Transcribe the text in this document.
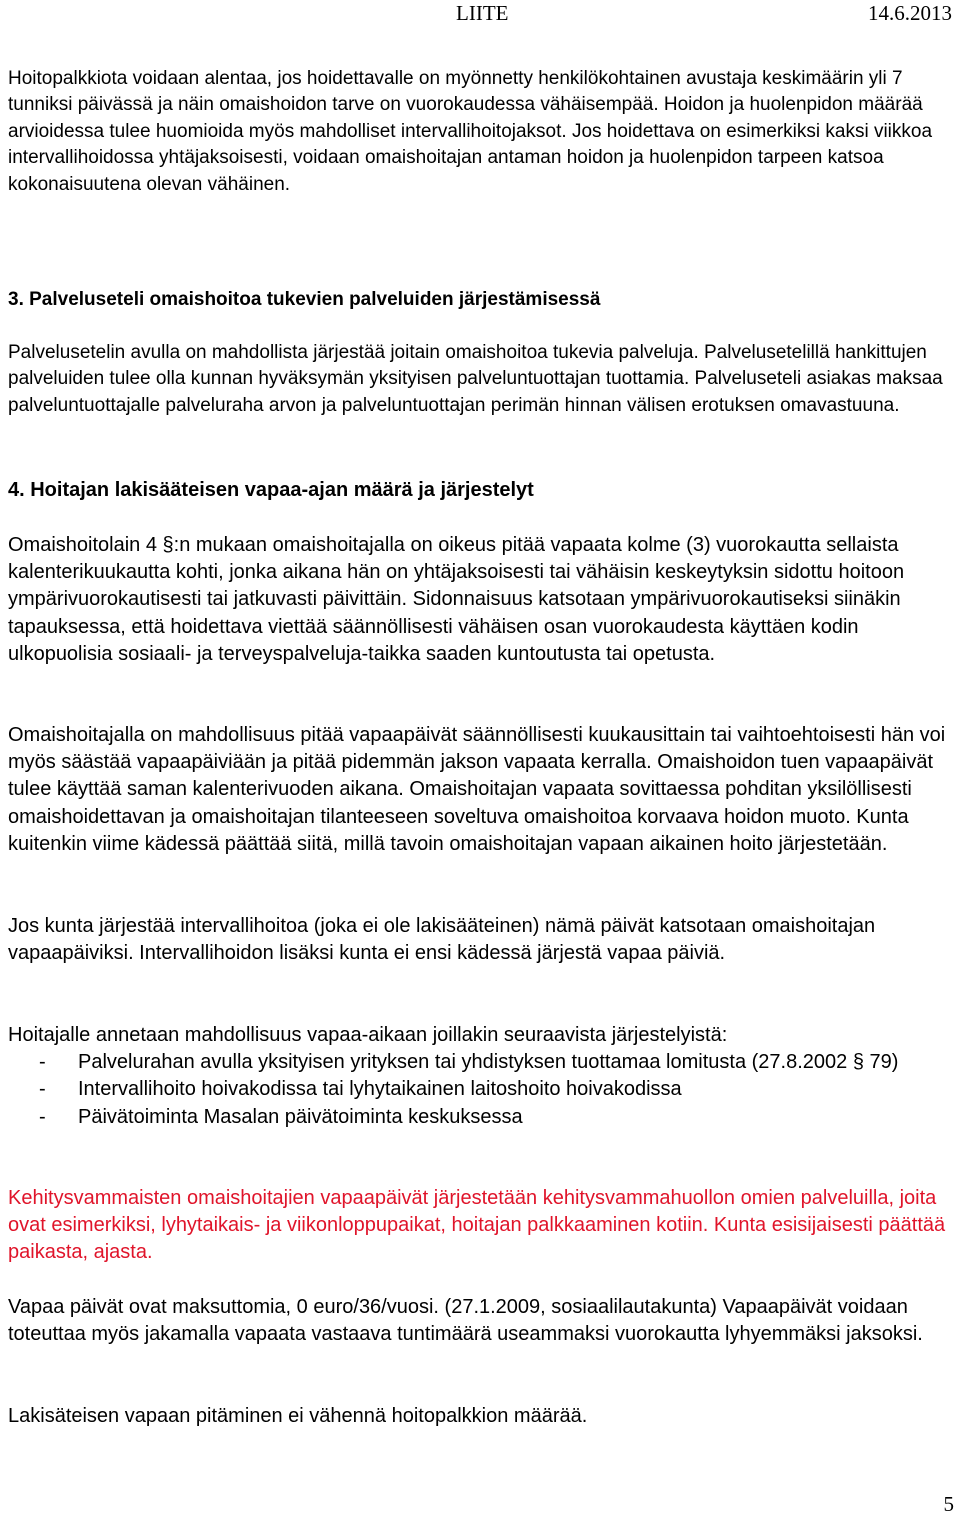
LIITE	14.6.2013

Hoitopalkkiota voidaan alentaa, jos hoidettavalle on myönnetty henkilökohtainen avustaja keskimäärin yli 7 tunniksi päivässä ja näin omaishoidon tarve on vuorokaudessa vähäisempää. Hoidon ja huolenpidon määrää arvioidessa tulee huomioida myös mahdolliset intervallihoitojaksot. Jos hoidettava on esimerkiksi kaksi viikkoa intervallihoidossa yhtäjaksoisesti, voidaan omaishoitajan antaman hoidon ja huolenpidon tarpeen katsoa kokonaisuutena olevan vähäinen.

3. Palveluseteli omaishoitoa tukevien palveluiden järjestämisessä

Palvelusetelin avulla on mahdollista järjestää joitain omaishoitoa tukevia palveluja. Palvelusetelillä hankittujen palveluiden tulee olla kunnan hyväksymän yksityisen palveluntuottajan tuottamia. Palveluseteli asiakas maksaa palveluntuottajalle palveluraha arvon ja palveluntuottajan perimän hinnan välisen erotuksen omavastuuna.

4. Hoitajan lakisääteisen vapaa-ajan määrä ja järjestelyt

Omaishoitolain 4 §:n mukaan omaishoitajalla on oikeus pitää vapaata kolme (3) vuorokautta sellaista kalenterikuukautta kohti, jonka aikana hän on yhtäjaksoisesti tai vähäisin keskeytyksin sidottu hoitoon ympärivuorokautisesti tai jatkuvasti päivittäin. Sidonnaisuus katsotaan ympärivuorokautiseksi siinäkin tapauksessa, että hoidettava viettää säännöllisesti vähäisen osan vuorokaudesta käyttäen kodin ulkopuolisia sosiaali- ja terveyspalveluja-taikka saaden kuntoutusta tai opetusta.

Omaishoitajalla on mahdollisuus pitää vapaapäivät säännöllisesti kuukausittain tai vaihtoehtoisesti hän voi myös säästää vapaapäiviään ja pitää pidemmän jakson vapaata kerralla. Omaishoidon tuen vapaapäivät tulee käyttää saman kalenterivuoden aikana. Omaishoitajan vapaata sovittaessa pohditan yksilöllisesti omaishoidettavan ja omaishoitajan tilanteeseen soveltuva omaishoitoa korvaava hoidon muoto. Kunta kuitenkin viime kädessä päättää siitä, millä tavoin omaishoitajan vapaan aikainen hoito järjestetään.

Jos kunta järjestää intervallihoitoa (joka ei ole lakisääteinen) nämä päivät katsotaan omaishoitajan vapaapäiviksi. Intervallihoidon lisäksi kunta ei ensi kädessä järjestä vapaa päiviä.

Hoitajalle annetaan mahdollisuus vapaa-aikaan joillakin seuraavista järjestelyistä:
-	Palvelurahan avulla yksityisen yrityksen tai yhdistyksen tuottamaa lomitusta (27.8.2002 § 79)
-	Intervallihoito hoivakodissa tai lyhytaikainen laitoshoito hoivakodissa
-	Päivätoiminta Masalan päivätoiminta keskuksessa

Kehitysvammaisten omaishoitajien vapaapäivät järjestetään kehitysvammahuollon omien palveluilla, joita ovat esimerkiksi, lyhytaikais- ja viikonloppupaikat, hoitajan palkkaaminen kotiin. Kunta esisijaisesti päättää paikasta, ajasta.

Vapaa päivät ovat maksuttomia, 0 euro/36/vuosi. (27.1.2009, sosiaalilautakunta) Vapaapäivät voidaan toteuttaa myös jakamalla vapaata vastaava tuntimäärä useammaksi vuorokautta lyhyemmäksi jaksoksi.

Lakisäteisen vapaan pitäminen ei vähennä hoitopalkkion määrää.

5
